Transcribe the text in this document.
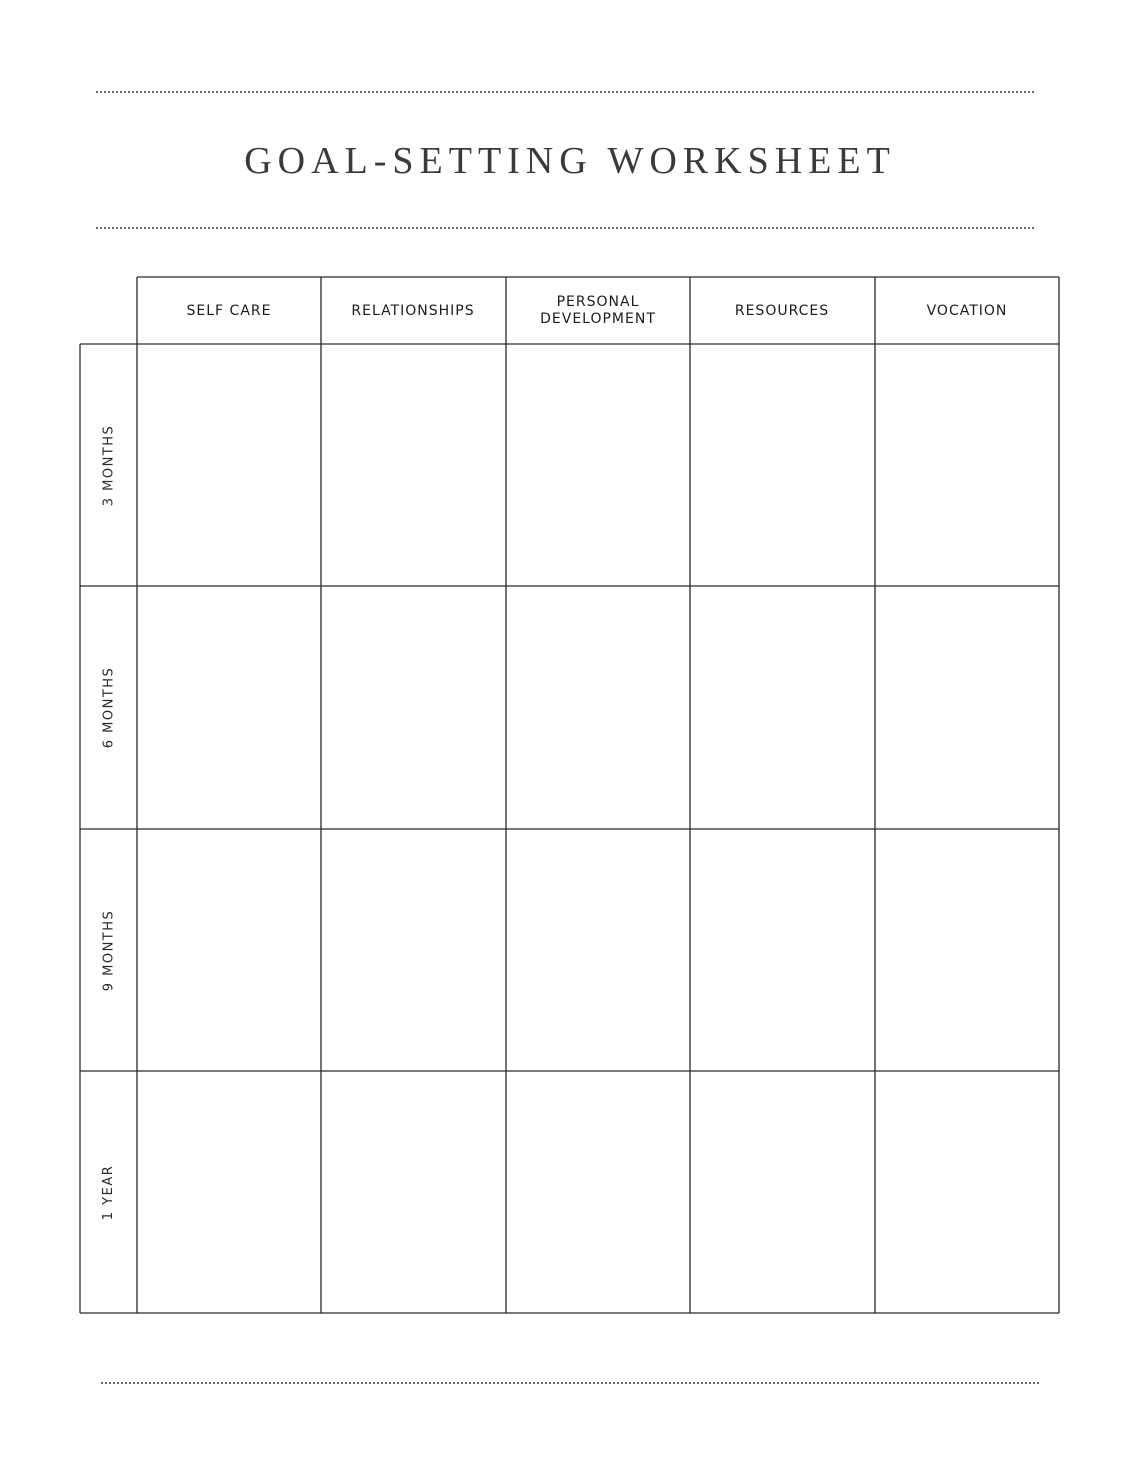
GOAL-SETTING WORKSHEET
SELF CARE	RELATIONSHIPS
PERSONAL
DEVELOPMENT
RESOURCES	VOCATION
3 MONTHS
6 MONTHS
9 MONTHS
1 YEAR
